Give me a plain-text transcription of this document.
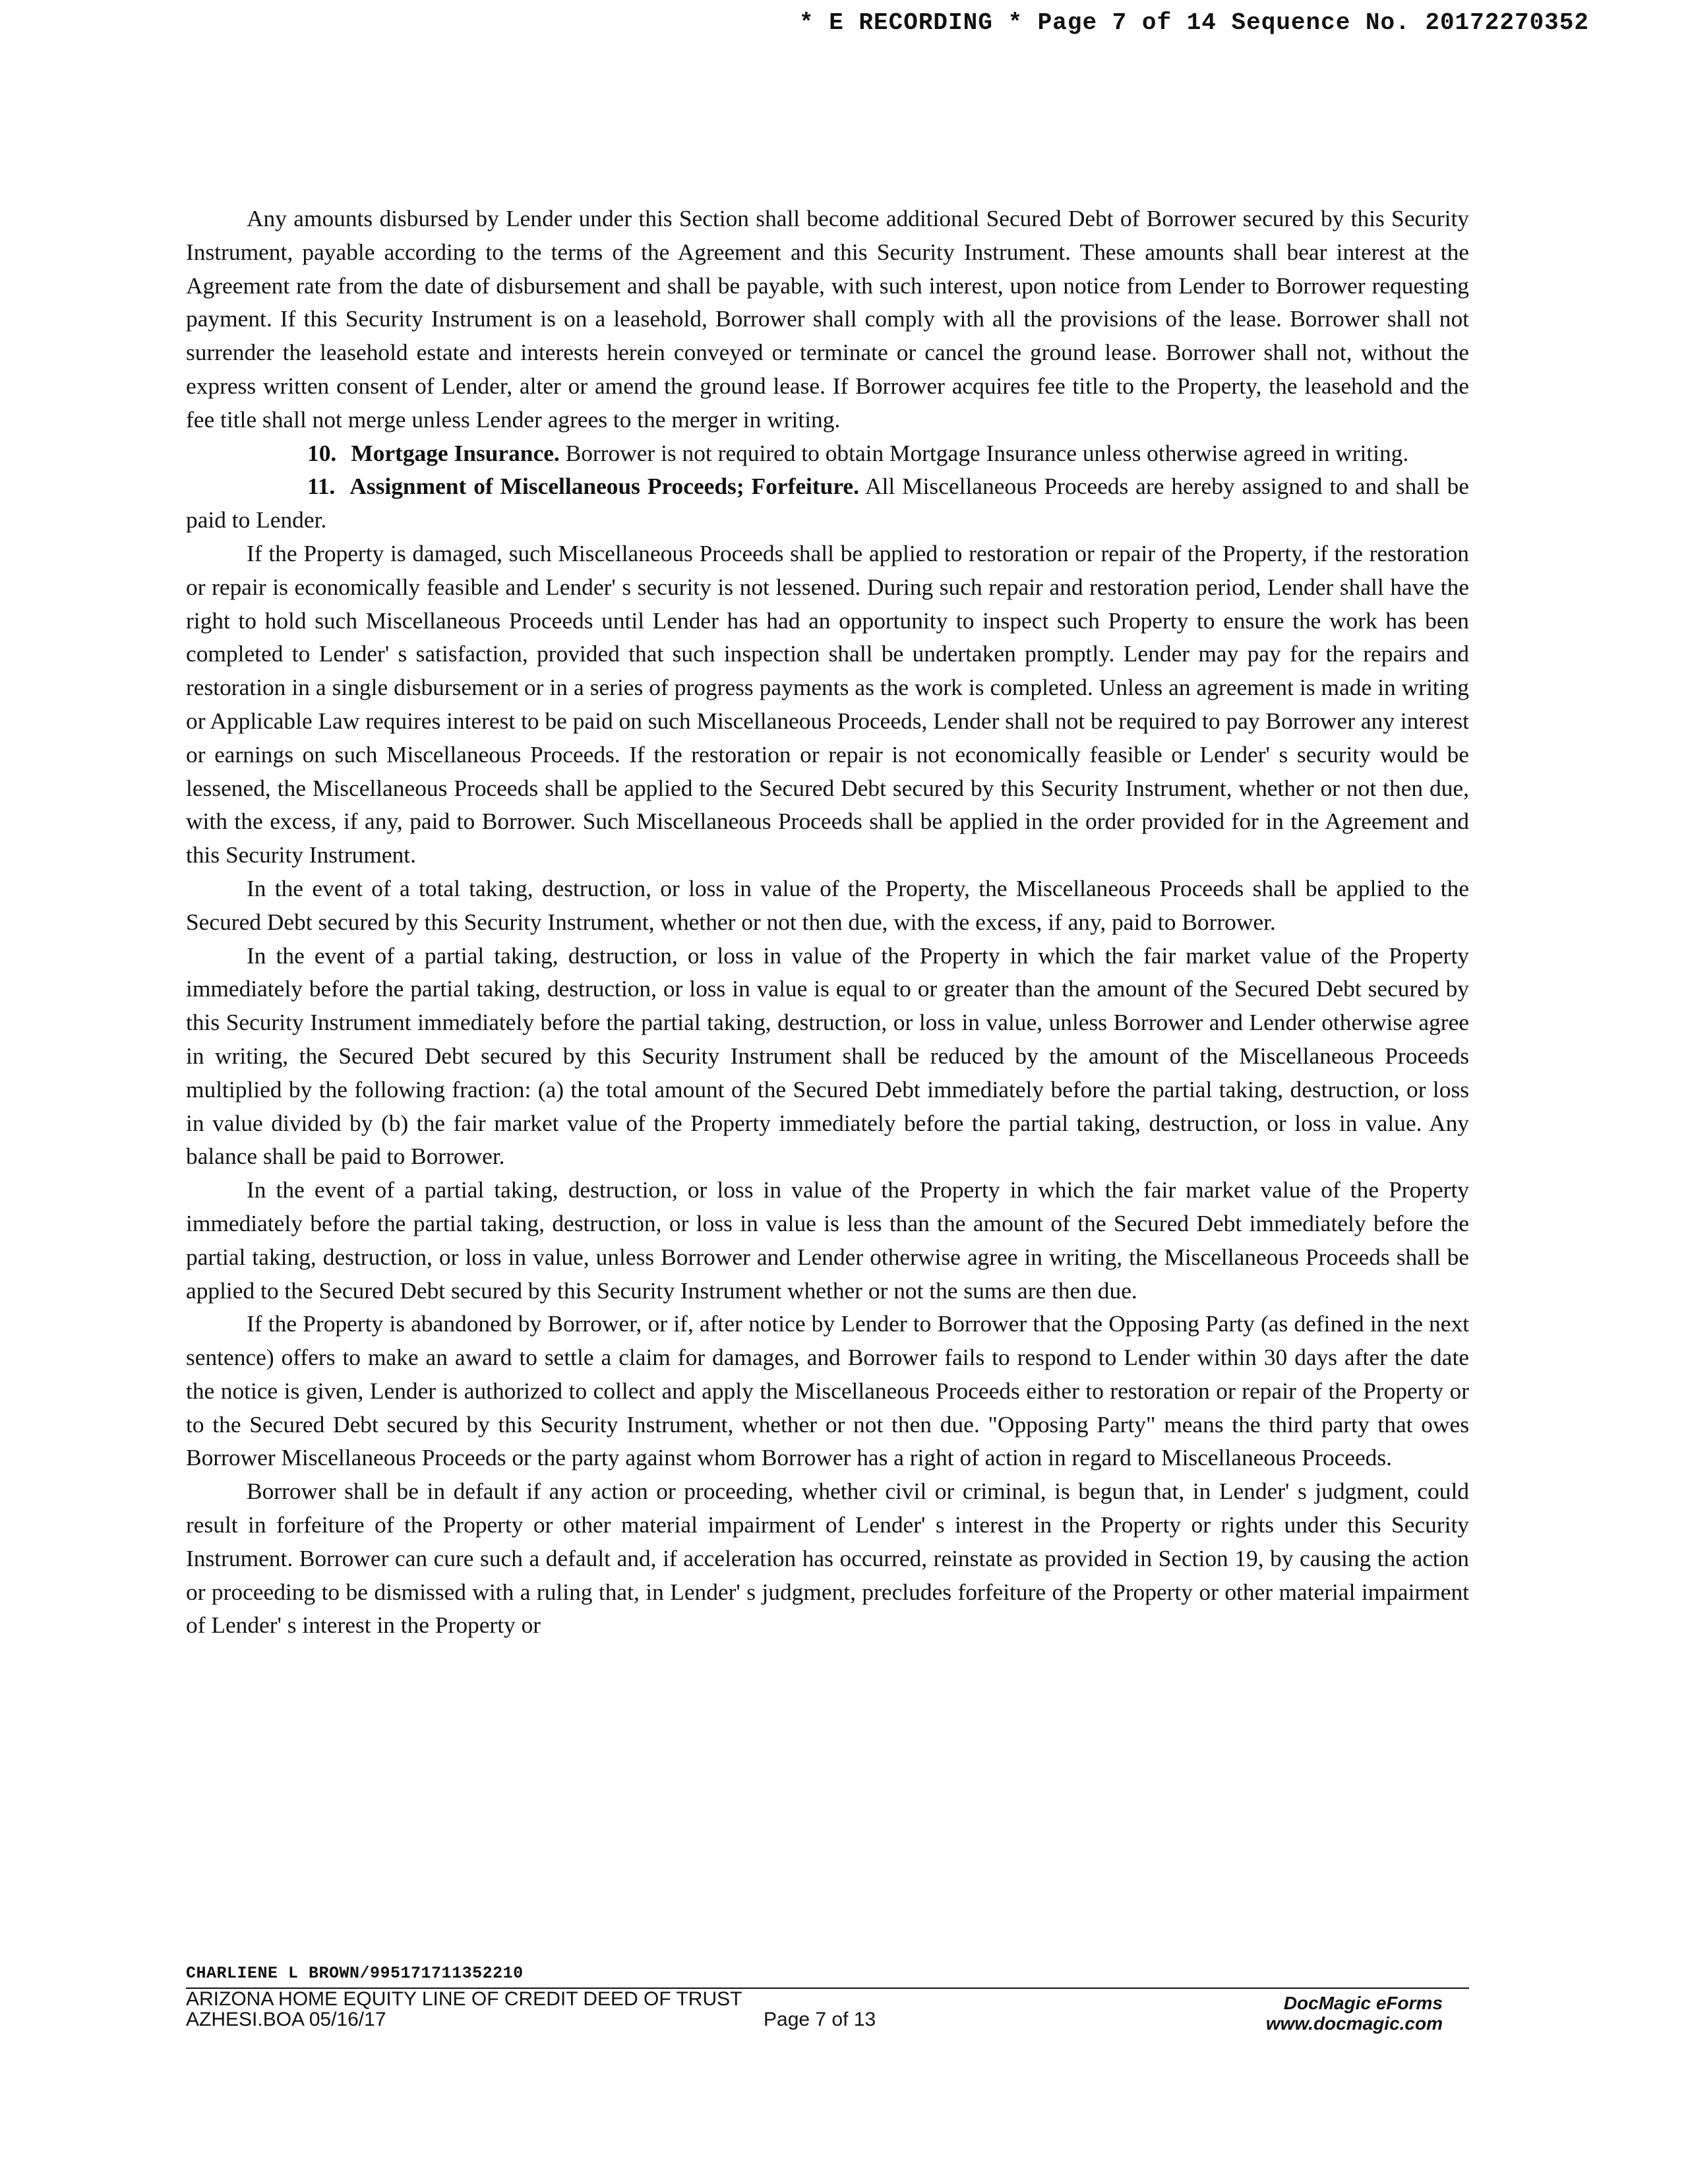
* E RECORDING * Page 7 of 14 Sequence No. 20172270352

Any amounts disbursed by Lender under this Section shall become additional Secured Debt of Borrower secured by this Security Instrument, payable according to the terms of the Agreement and this Security Instrument. These amounts shall bear interest at the Agreement rate from the date of disbursement and shall be payable, with such interest, upon notice from Lender to Borrower requesting payment. If this Security Instrument is on a leasehold, Borrower shall comply with all the provisions of the lease. Borrower shall not surrender the leasehold estate and interests herein conveyed or terminate or cancel the ground lease. Borrower shall not, without the express written consent of Lender, alter or amend the ground lease. If Borrower acquires fee title to the Property, the leasehold and the fee title shall not merge unless Lender agrees to the merger in writing.

10. Mortgage Insurance. Borrower is not required to obtain Mortgage Insurance unless otherwise agreed in writing.

11. Assignment of Miscellaneous Proceeds; Forfeiture. All Miscellaneous Proceeds are hereby assigned to and shall be paid to Lender.

If the Property is damaged, such Miscellaneous Proceeds shall be applied to restoration or repair of the Property, if the restoration or repair is economically feasible and Lender' s security is not lessened. During such repair and restoration period, Lender shall have the right to hold such Miscellaneous Proceeds until Lender has had an opportunity to inspect such Property to ensure the work has been completed to Lender' s satisfaction, provided that such inspection shall be undertaken promptly. Lender may pay for the repairs and restoration in a single disbursement or in a series of progress payments as the work is completed. Unless an agreement is made in writing or Applicable Law requires interest to be paid on such Miscellaneous Proceeds, Lender shall not be required to pay Borrower any interest or earnings on such Miscellaneous Proceeds. If the restoration or repair is not economically feasible or Lender' s security would be lessened, the Miscellaneous Proceeds shall be applied to the Secured Debt secured by this Security Instrument, whether or not then due, with the excess, if any, paid to Borrower. Such Miscellaneous Proceeds shall be applied in the order provided for in the Agreement and this Security Instrument.

In the event of a total taking, destruction, or loss in value of the Property, the Miscellaneous Proceeds shall be applied to the Secured Debt secured by this Security Instrument, whether or not then due, with the excess, if any, paid to Borrower.

In the event of a partial taking, destruction, or loss in value of the Property in which the fair market value of the Property immediately before the partial taking, destruction, or loss in value is equal to or greater than the amount of the Secured Debt secured by this Security Instrument immediately before the partial taking, destruction, or loss in value, unless Borrower and Lender otherwise agree in writing, the Secured Debt secured by this Security Instrument shall be reduced by the amount of the Miscellaneous Proceeds multiplied by the following fraction: (a) the total amount of the Secured Debt immediately before the partial taking, destruction, or loss in value divided by (b) the fair market value of the Property immediately before the partial taking, destruction, or loss in value. Any balance shall be paid to Borrower.

In the event of a partial taking, destruction, or loss in value of the Property in which the fair market value of the Property immediately before the partial taking, destruction, or loss in value is less than the amount of the Secured Debt immediately before the partial taking, destruction, or loss in value, unless Borrower and Lender otherwise agree in writing, the Miscellaneous Proceeds shall be applied to the Secured Debt secured by this Security Instrument whether or not the sums are then due.

If the Property is abandoned by Borrower, or if, after notice by Lender to Borrower that the Opposing Party (as defined in the next sentence) offers to make an award to settle a claim for damages, and Borrower fails to respond to Lender within 30 days after the date the notice is given, Lender is authorized to collect and apply the Miscellaneous Proceeds either to restoration or repair of the Property or to the Secured Debt secured by this Security Instrument, whether or not then due. "Opposing Party" means the third party that owes Borrower Miscellaneous Proceeds or the party against whom Borrower has a right of action in regard to Miscellaneous Proceeds.

Borrower shall be in default if any action or proceeding, whether civil or criminal, is begun that, in Lender' s judgment, could result in forfeiture of the Property or other material impairment of Lender' s interest in the Property or rights under this Security Instrument. Borrower can cure such a default and, if acceleration has occurred, reinstate as provided in Section 19, by causing the action or proceeding to be dismissed with a ruling that, in Lender' s judgment, precludes forfeiture of the Property or other material impairment of Lender' s interest in the Property or

CHARLIENE L BROWN/995171711352210
ARIZONA HOME EQUITY LINE OF CREDIT DEED OF TRUST
AZHESI.BOA 05/16/17	Page 7 of 13
DocMagic eForms
www.docmagic.com
